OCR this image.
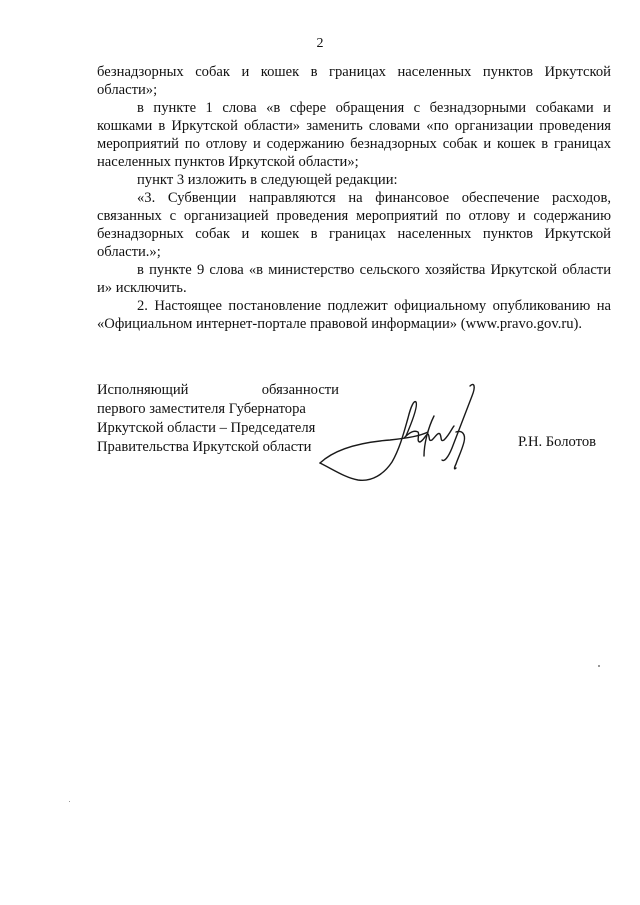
2

безнадзорных собак и кошек в границах населенных пунктов Иркутской области»;

в пункте 1 слова «в сфере обращения с безнадзорными собаками и кошками в Иркутской области» заменить словами «по организации проведения мероприятий по отлову и содержанию безнадзорных собак и кошек в границах населенных пунктов Иркутской области»;

пункт 3 изложить в следующей редакции:

«3. Субвенции направляются на финансовое обеспечение расходов, связанных с организацией проведения мероприятий по отлову и содержанию безнадзорных собак и кошек в границах населенных пунктов Иркутской области.»;

в пункте 9 слова «в министерство сельского хозяйства Иркутской области и» исключить.

2. Настоящее постановление подлежит официальному опубликованию на «Официальном интернет-портале правовой информации» (www.pravo.gov.ru).

Исполняющий	обязанности
первого заместителя Губернатора
Иркутской области – Председателя
Правительства Иркутской области	Р.Н. Болотов
